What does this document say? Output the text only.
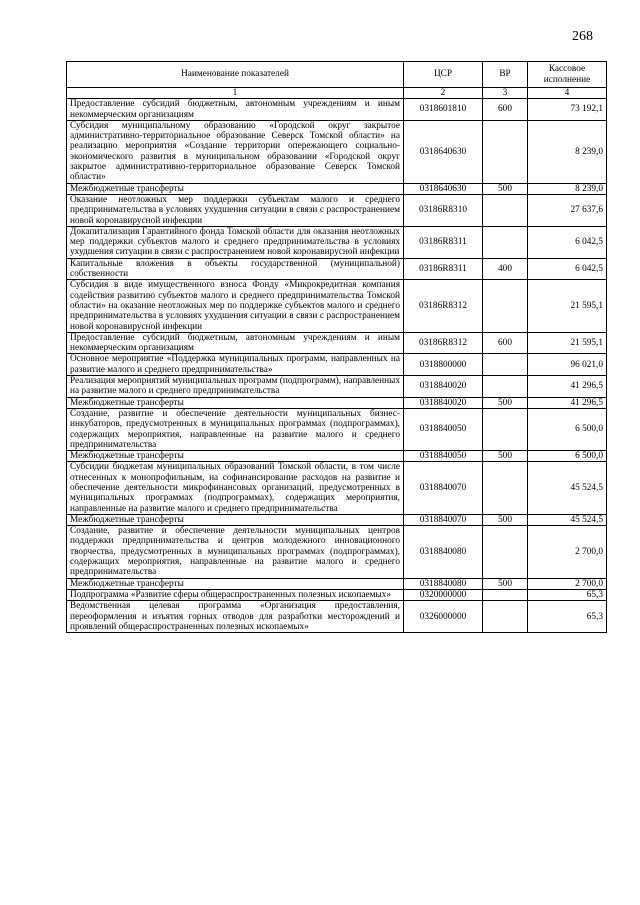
268
Наименование показателей	ЦСР	ВР	Кассовое исполнение
1	2	3	4
Предоставление субсидий бюджетным, автономным учреждениям и иным некоммерческим организациям	0318601810	600	73 192,1
Субсидия муниципальному образованию «Городской округ закрытое административно-территориальное образование Северск Томской области» на реализацию мероприятия «Создание территории опережающего социально-экономического развития в муниципальном образовании «Городской округ закрытое административно-территориальное образование Северск Томской области»	0318640630		8 239,0
Межбюджетные трансферты	0318640630	500	8 239,0
Оказание неотложных мер поддержки субъектам малого и среднего предпринимательства в условиях ухудшения ситуации в связи с распространением новой коронавирусной инфекции	03186R8310		27 637,6
Докапитализация Гарантийного фонда Томской области для оказания неотложных мер поддержки субъектов малого и среднего предпринимательства в условиях ухудшения ситуации в связи с распространением новой коронавирусной инфекции	03186R8311		6 042,5
Капитальные вложения в объекты государственной (муниципальной) собственности	03186R8311	400	6 042,5
Субсидия в виде имущественного взноса Фонду «Микрокредитная компания содействия развитию субъектов малого и среднего предпринимательства Томской области» на оказание неотложных мер по поддержке субъектов малого и среднего предпринимательства в условиях ухудшения ситуации в связи с распространением новой коронавирусной инфекции	03186R8312		21 595,1
Предоставление субсидий бюджетным, автономным учреждениям и иным некоммерческим организациям	03186R8312	600	21 595,1
Основное мероприятие «Поддержка муниципальных программ, направленных на развитие малого и среднего предпринимательства»	0318800000		96 021,0
Реализация мероприятий муниципальных программ (подпрограмм), направленных на развитие малого и среднего предпринимательства	0318840020		41 296,5
Межбюджетные трансферты	0318840020	500	41 296,5
Создание, развитие и обеспечение деятельности муниципальных бизнес-инкубаторов, предусмотренных в муниципальных программах (подпрограммах), содержащих мероприятия, направленные на развитие малого и среднего предпринимательства	0318840050		6 500,0
Межбюджетные трансферты	0318840050	500	6 500,0
Субсидии бюджетам муниципальных образований Томской области, в том числе отнесенных к монопрофильным, на софинансирование расходов на развитие и обеспечение деятельности микрофинансовых организаций, предусмотренных в муниципальных программах (подпрограммах), содержащих мероприятия, направленные на развитие малого и среднего предпринимательства	0318840070		45 524,5
Межбюджетные трансферты	0318840070	500	45 524,5
Создание, развитие и обеспечение деятельности муниципальных центров поддержки предпринимательства и центров молодежного инновационного творчества, предусмотренных в муниципальных программах (подпрограммах), содержащих мероприятия, направленные на развитие малого и среднего предпринимательства	0318840080		2 700,0
Межбюджетные трансферты	0318840080	500	2 700,0
Подпрограмма «Развитие сферы общераспространенных полезных ископаемых»	0320000000		65,3
Ведомственная целевая программа «Организация предоставления, переоформления и изъятия горных отводов для разработки месторождений и проявлений общераспространенных полезных ископаемых»	0326000000		65,3
